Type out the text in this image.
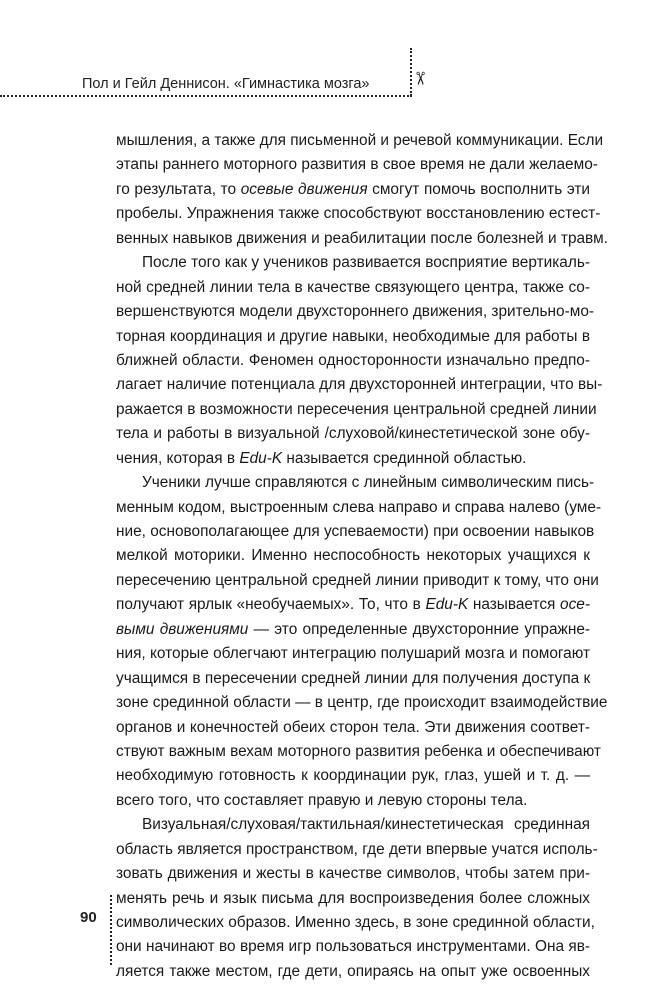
Пол и Гейл Деннисон. «Гимнастика мозга» ✂
мышления, а также для письменной и речевой коммуникации. Если
этапы раннего моторного развития в свое время не дали желаемо-
го результата, то осевые движения смогут помочь восполнить эти
пробелы. Упражнения также способствуют восстановлению естест-
венных навыков движения и реабилитации после болезней и травм.
После того как у учеников развивается восприятие вертикаль-
ной средней линии тела в качестве связующего центра, также со-
вершенствуются модели двухстороннего движения, зрительно-мо-
торная координация и другие навыки, необходимые для работы в
ближней области. Феномен односторонности изначально предпо-
лагает наличие потенциала для двухсторонней интеграции, что вы-
ражается в возможности пересечения центральной средней линии
тела и работы в визуальной /слуховой/кинестетической зоне обу-
чения, которая в Edu-K называется срединной областью.
Ученики лучше справляются с линейным символическим пись-
менным кодом, выстроенным слева направо и справа налево (уме-
ние, основополагающее для успеваемости) при освоении навыков
мелкой моторики. Именно неспособность некоторых учащихся к
пересечению центральной средней линии приводит к тому, что они
получают ярлык «необучаемых». То, что в Edu-K называется осе-
выми движениями — это определенные двухсторонние упражне-
ния, которые облегчают интеграцию полушарий мозга и помогают
учащимся в пересечении средней линии для получения доступа к
зоне срединной области — в центр, где происходит взаимодействие
органов и конечностей обеих сторон тела. Эти движения соответ-
ствуют важным вехам моторного развития ребенка и обеспечивают
необходимую готовность к координации рук, глаз, ушей и т. д. —
всего того, что составляет правую и левую стороны тела.
Визуальная/слуховая/тактильная/кинестетическая срединная
область является пространством, где дети впервые учатся исполь-
зовать движения и жесты в качестве символов, чтобы затем при-
менять речь и язык письма для воспроизведения более сложных
символических образов. Именно здесь, в зоне срединной области,
они начинают во время игр пользоваться инструментами. Она яв-
ляется также местом, где дети, опираясь на опыт уже освоенных
90
